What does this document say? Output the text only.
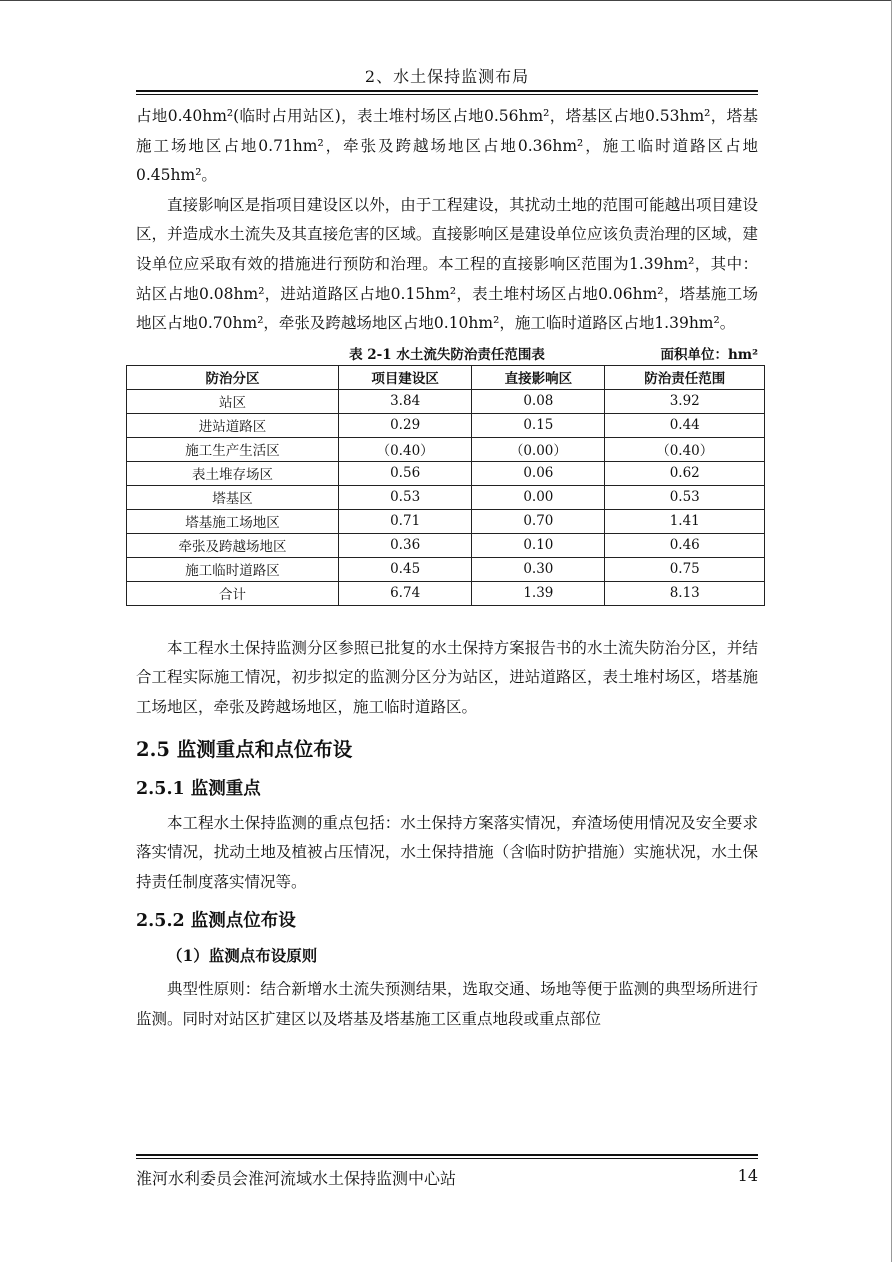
2、水土保持监测布局

占地0.40hm²(临时占用站区)，表土堆村场区占地0.56hm²，塔基区占地0.53hm²，塔基施工场地区占地0.71hm²，牵张及跨越场地区占地0.36hm²，施工临时道路区占地0.45hm²。

直接影响区是指项目建设区以外，由于工程建设，其扰动土地的范围可能越出项目建设区，并造成水土流失及其直接危害的区域。直接影响区是建设单位应该负责治理的区域，建设单位应采取有效的措施进行预防和治理。本工程的直接影响区范围为1.39hm²，其中：站区占地0.08hm²，进站道路区占地0.15hm²，表土堆村场区占地0.06hm²，塔基施工场地区占地0.70hm²，牵张及跨越场地区占地0.10hm²，施工临时道路区占地1.39hm²。

表 2-1 水土流失防治责任范围表	面积单位：hm²
防治分区	项目建设区	直接影响区	防治责任范围
站区	3.84	0.08	3.92
进站道路区	0.29	0.15	0.44
施工生产生活区	（0.40）	（0.00）	（0.40）
表土堆存场区	0.56	0.06	0.62
塔基区	0.53	0.00	0.53
塔基施工场地区	0.71	0.70	1.41
牵张及跨越场地区	0.36	0.10	0.46
施工临时道路区	0.45	0.30	0.75
合计	6.74	1.39	8.13

本工程水土保持监测分区参照已批复的水土保持方案报告书的水土流失防治分区，并结合工程实际施工情况，初步拟定的监测分区分为站区，进站道路区，表土堆村场区，塔基施工场地区，牵张及跨越场地区，施工临时道路区。

2.5 监测重点和点位布设
2.5.1 监测重点

本工程水土保持监测的重点包括：水土保持方案落实情况，弃渣场使用情况及安全要求落实情况，扰动土地及植被占压情况，水土保持措施（含临时防护措施）实施状况，水土保持责任制度落实情况等。

2.5.2 监测点位布设

（1）监测点布设原则

典型性原则：结合新增水土流失预测结果，选取交通、场地等便于监测的典型场所进行监测。同时对站区扩建区以及塔基及塔基施工区重点地段或重点部位

淮河水利委员会淮河流域水土保持监测中心站	14
